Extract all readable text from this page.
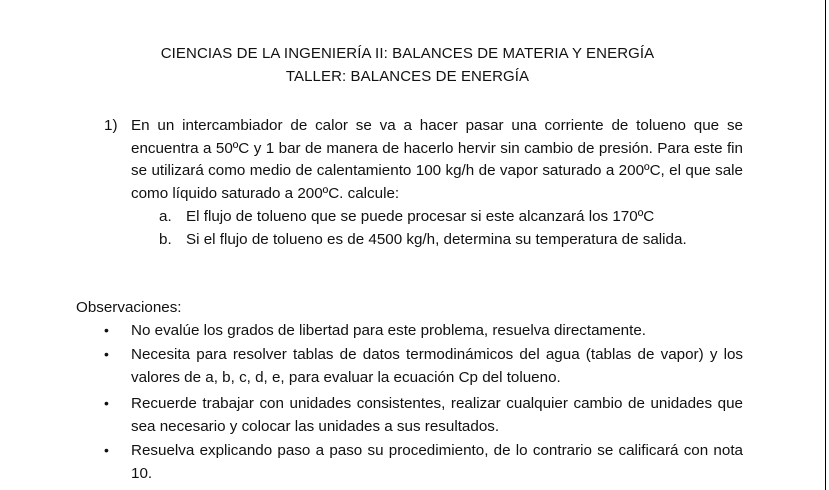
CIENCIAS DE LA INGENIERÍA II: BALANCES DE MATERIA Y ENERGÍA
TALLER: BALANCES DE ENERGÍA
1) En un intercambiador de calor se va a hacer pasar una corriente de tolueno que se encuentra a 50ºC y 1 bar de manera de hacerlo hervir sin cambio de presión. Para este fin se utilizará como medio de calentamiento 100 kg/h de vapor saturado a 200ºC, el que sale como líquido saturado a 200ºC. calcule:

a. El flujo de tolueno que se puede procesar si este alcanzará los 170ºC
b. Si el flujo de tolueno es de 4500 kg/h, determina su temperatura de salida.
Observaciones:
•	No evalúe los grados de libertad para este problema, resuelva directamente.
•	Necesita para resolver tablas de datos termodinámicos del agua (tablas de vapor) y los valores de a, b, c, d, e, para evaluar la ecuación Cp del tolueno.
•	Recuerde trabajar con unidades consistentes, realizar cualquier cambio de unidades que sea necesario y colocar las unidades a sus resultados.
•	Resuelva explicando paso a paso su procedimiento, de lo contrario se calificará con nota 10.
